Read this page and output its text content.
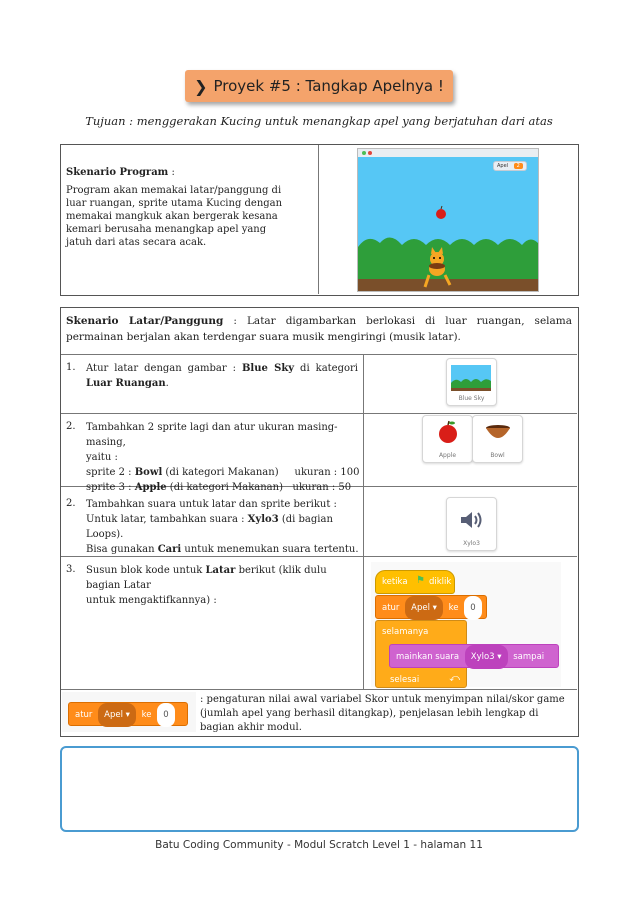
❯ Proyek #5 : Tangkap Apelnya !
Tujuan : menggerakan Kucing untuk menangkap apel yang berjatuhan dari atas
Skenario Program :
Program akan memakai latar/panggung di luar ruangan, sprite utama Kucing dengan memakai mangkuk akan bergerak kesana kemari berusaha menangkap apel yang jatuh dari atas secara acak.
Apel 2
Skenario Latar/Panggung : Latar digambarkan berlokasi di luar ruangan, selama permainan berjalan akan terdengar suara musik mengiringi (musik latar).
1. Atur latar dengan gambar : Blue Sky di kategori Luar Ruangan.
Blue Sky
2. Tambahkan 2 sprite lagi dan atur ukuran masing-masing,
yaitu :
sprite 2 : Bowl (di kategori Makanan)     ukuran : 100
sprite 3 : Apple (di kategori Makanan)   ukuran : 50
Apple	Bowl
2. Tambahkan suara untuk latar dan sprite berikut :
Untuk latar, tambahkan suara : Xylo3 (di bagian Loops).
Bisa gunakan Cari untuk menemukan suara tertentu.
Xylo3
3. Susun blok kode untuk Latar berikut (klik dulu bagian Latar
untuk mengaktifkannya) :
ketika ⚑ diklik
atur Apel ▾ ke 0
selamanya
⤺
mainkan suara Xylo3 ▾ sampai selesai
atur Apel ▾ ke 0
: pengaturan nilai awal variabel Skor untuk menyimpan nilai/skor game (jumlah apel yang berhasil ditangkap), penjelasan lebih lengkap di bagian akhir modul.
Batu Coding Community - Modul Scratch Level 1 - halaman 11
